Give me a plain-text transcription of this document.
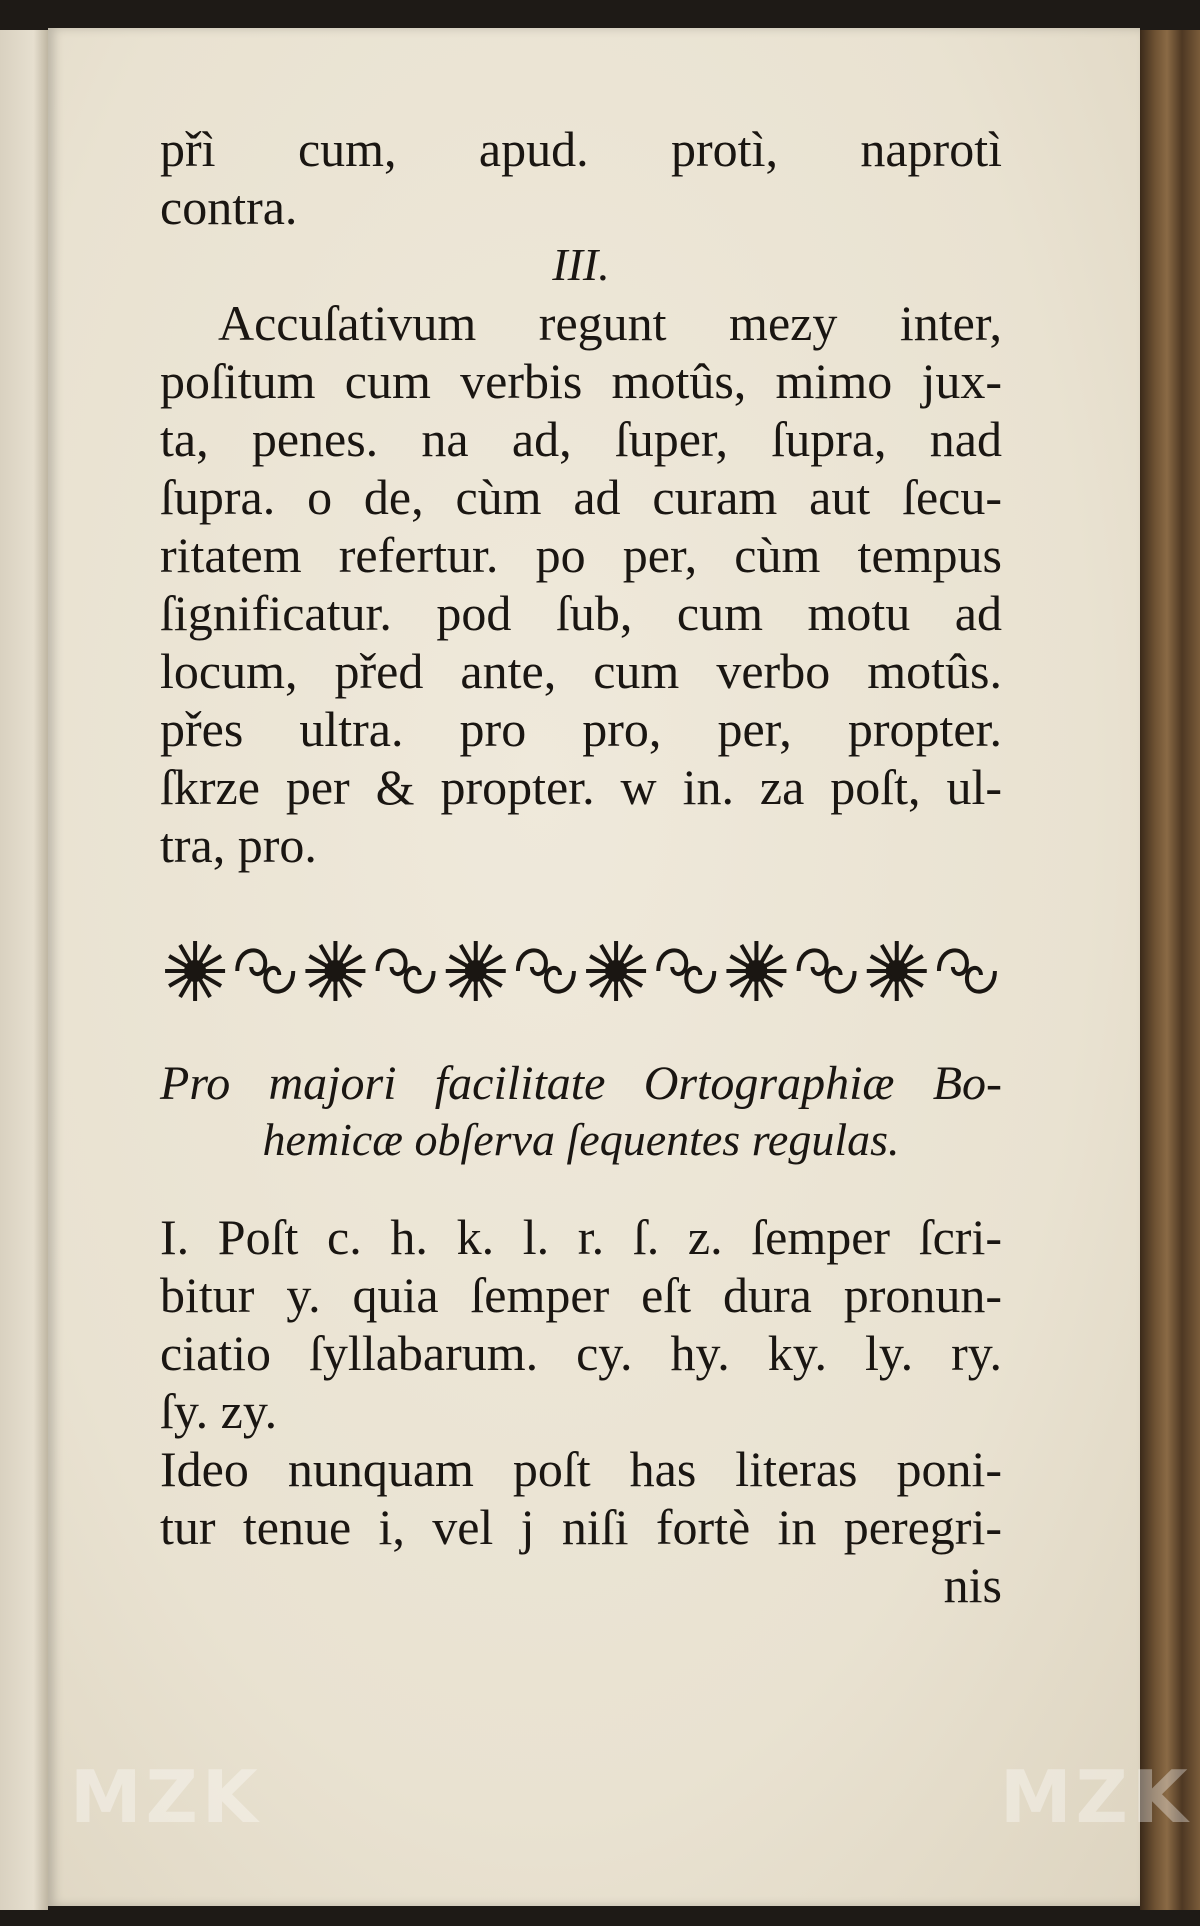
přì cum, apud. protì, naprotì
contra.
III.
Accuſativum regunt mezy inter,
poſitum cum verbis motûs, mimo jux-
ta, penes. na ad, ſuper, ſupra, nad
ſupra. o de, cùm ad curam aut ſecu-
ritatem refertur. po per, cùm tempus
ſignificatur. pod ſub, cum motu ad
locum, před ante, cum verbo motûs.
přes ultra. pro pro, per, propter.
ſkrze per & propter. w in. za poſt, ul-
tra, pro.
Pro majori facilitate Ortographiæ Bo-
hemicæ obſerva ſequentes regulas.
I. Poſt c. h. k. l. r. ſ. z. ſemper ſcri-
bitur y. quia ſemper eſt dura pronun-
ciatio ſyllabarum. cy. hy. ky. ly. ry.
ſy. zy.
Ideo nunquam poſt has literas poni-
tur tenue i, vel j niſi fortè in peregri-
nis
MZK	MZK
